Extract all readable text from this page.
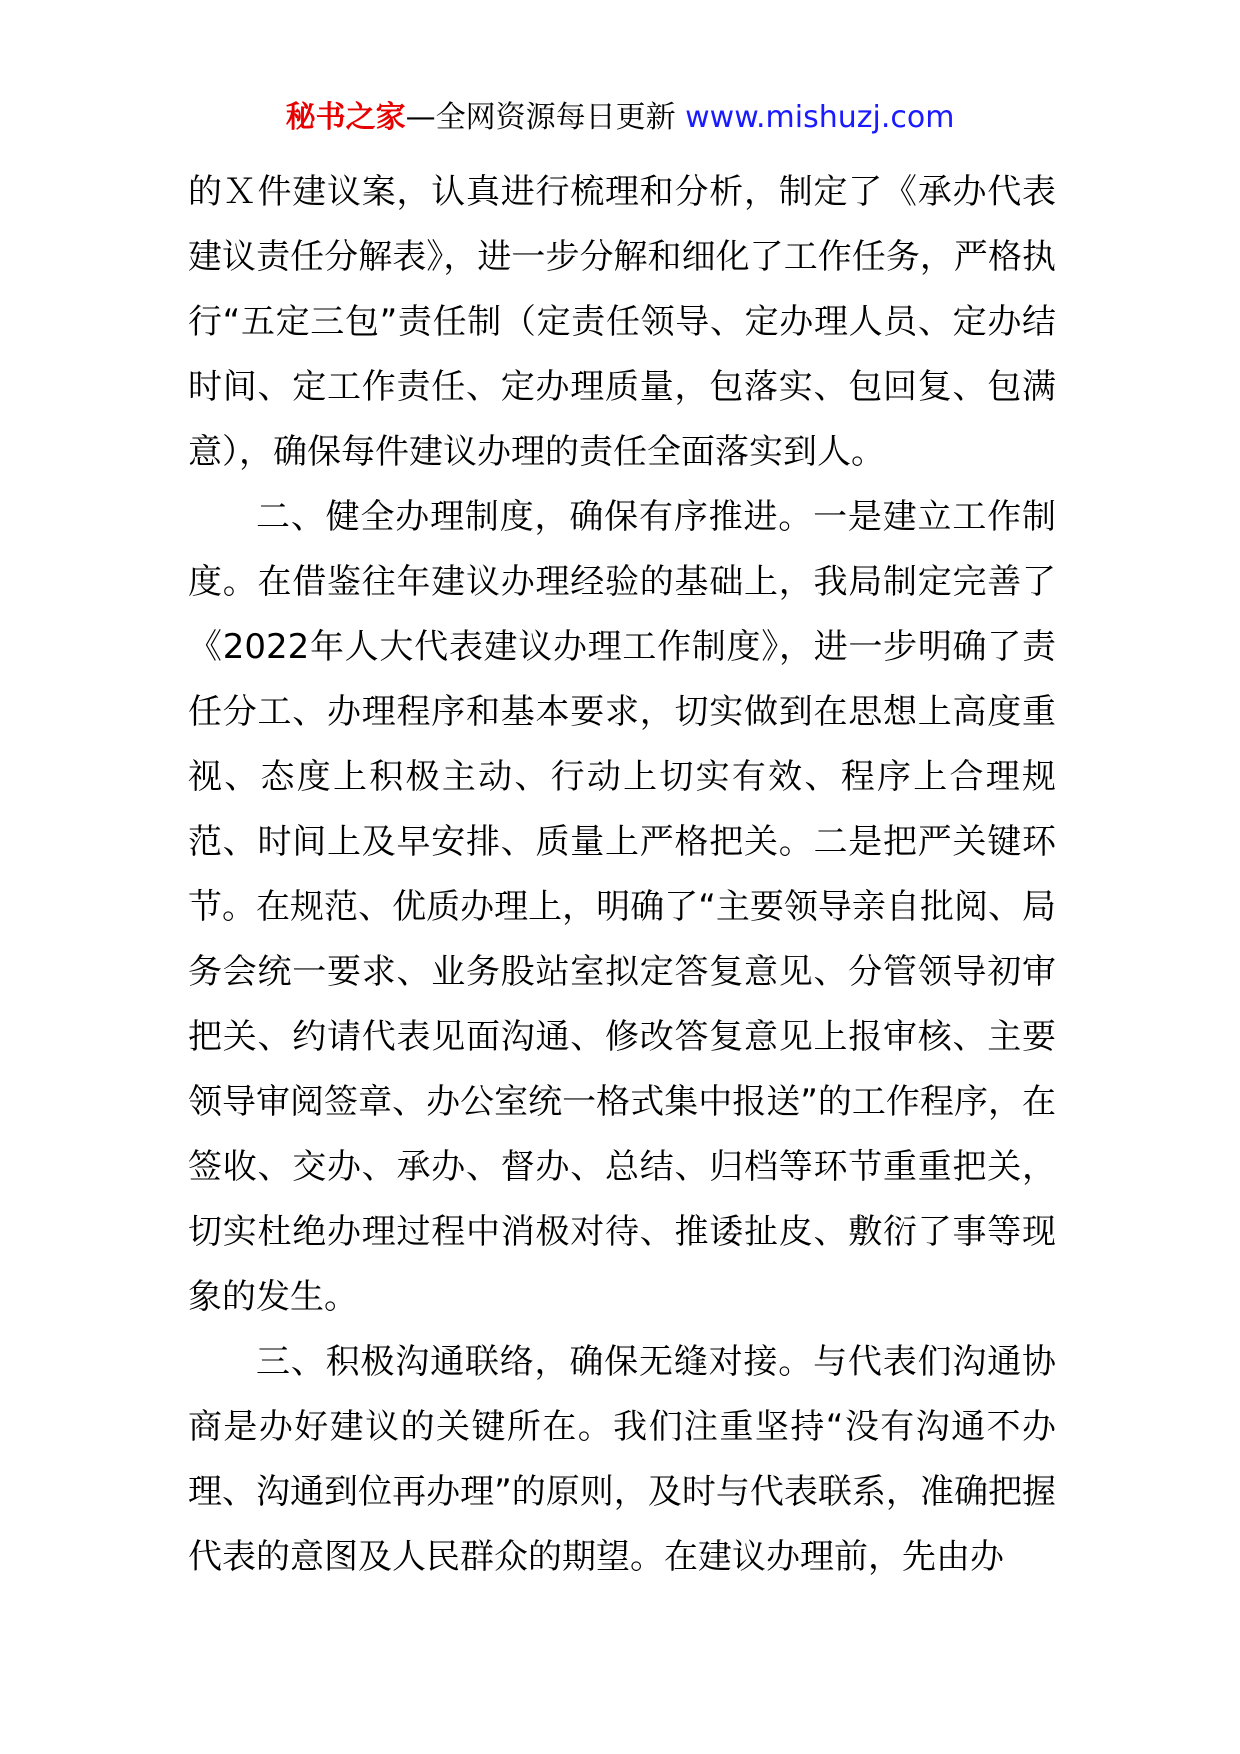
秘书之家—全网资源每日更新 www.mishuzj.com

的Ｘ件建议案，认真进行梳理和分析，制定了《承办代表建议责任分解表》，进一步分解和细化了工作任务，严格执行“五定三包”责任制（定责任领导、定办理人员、定办结时间、定工作责任、定办理质量，包落实、包回复、包满意），确保每件建议办理的责任全面落实到人。

二、健全办理制度，确保有序推进。一是建立工作制度。在借鉴往年建议办理经验的基础上，我局制定完善了《2022年人大代表建议办理工作制度》，进一步明确了责任分工、办理程序和基本要求，切实做到在思想上高度重视、态度上积极主动、行动上切实有效、程序上合理规范、时间上及早安排、质量上严格把关。二是把严关键环节。在规范、优质办理上，明确了“主要领导亲自批阅、局务会统一要求、业务股站室拟定答复意见、分管领导初审把关、约请代表见面沟通、修改答复意见上报审核、主要领导审阅签章、办公室统一格式集中报送”的工作程序，在签收、交办、承办、督办、总结、归档等环节重重把关，切实杜绝办理过程中消极对待、推诿扯皮、敷衍了事等现象的发生。

三、积极沟通联络，确保无缝对接。与代表们沟通协商是办好建议的关键所在。我们注重坚持“没有沟通不办理、沟通到位再办理”的原则，及时与代表联系，准确把握代表的意图及人民群众的期望。在建议办理前，先由办
